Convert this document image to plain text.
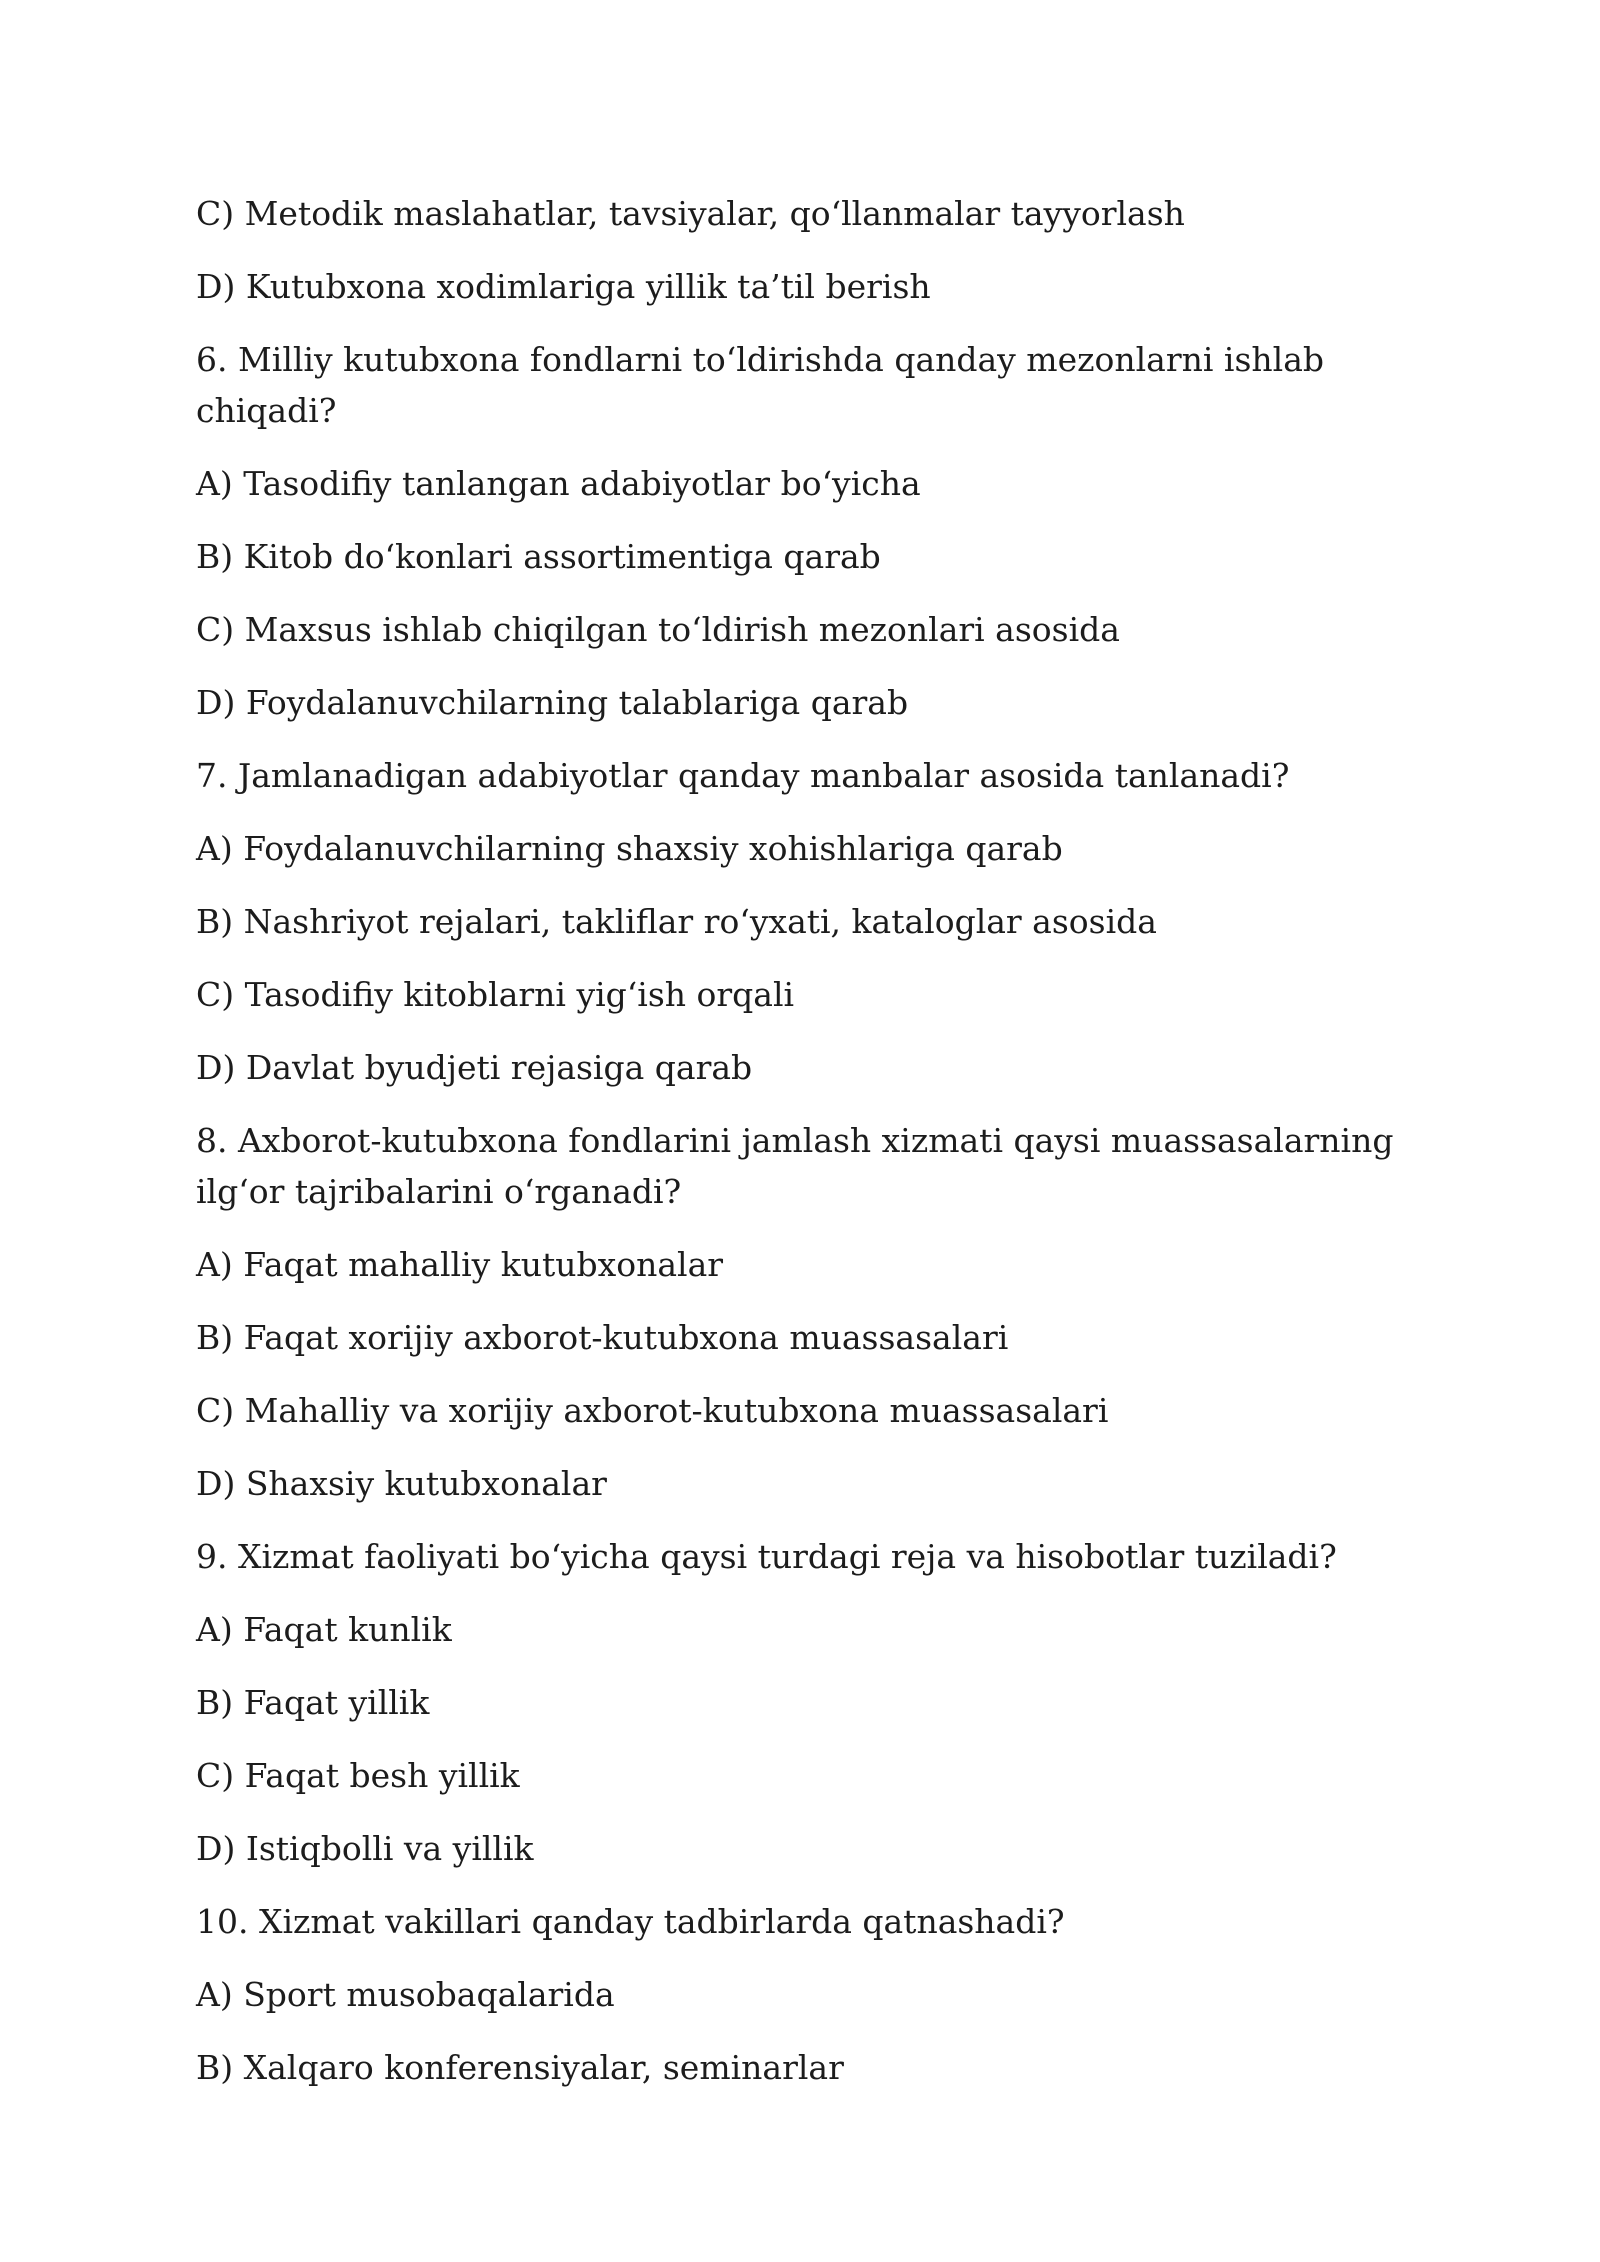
C) Metodik maslahatlar, tavsiyalar, qo‘llanmalar tayyorlash

D) Kutubxona xodimlariga yillik ta’til berish

6. Milliy kutubxona fondlarni to‘ldirishda qanday mezonlarni ishlab chiqadi?

A) Tasodifiy tanlangan adabiyotlar bo‘yicha

B) Kitob do‘konlari assortimentiga qarab

C) Maxsus ishlab chiqilgan to‘ldirish mezonlari asosida

D) Foydalanuvchilarning talablariga qarab

7. Jamlanadigan adabiyotlar qanday manbalar asosida tanlanadi?

A) Foydalanuvchilarning shaxsiy xohishlariga qarab

B) Nashriyot rejalari, takliflar ro‘yxati, kataloglar asosida

C) Tasodifiy kitoblarni yig‘ish orqali

D) Davlat byudjeti rejasiga qarab

8. Axborot-kutubxona fondlarini jamlash xizmati qaysi muassasalarning ilg‘or tajribalarini o‘rganadi?

A) Faqat mahalliy kutubxonalar

B) Faqat xorijiy axborot-kutubxona muassasalari

C) Mahalliy va xorijiy axborot-kutubxona muassasalari

D) Shaxsiy kutubxonalar

9. Xizmat faoliyati bo‘yicha qaysi turdagi reja va hisobotlar tuziladi?

A) Faqat kunlik

B) Faqat yillik

C) Faqat besh yillik

D) Istiqbolli va yillik

10. Xizmat vakillari qanday tadbirlarda qatnashadi?

A) Sport musobaqalarida

B) Xalqaro konferensiyalar, seminarlar
